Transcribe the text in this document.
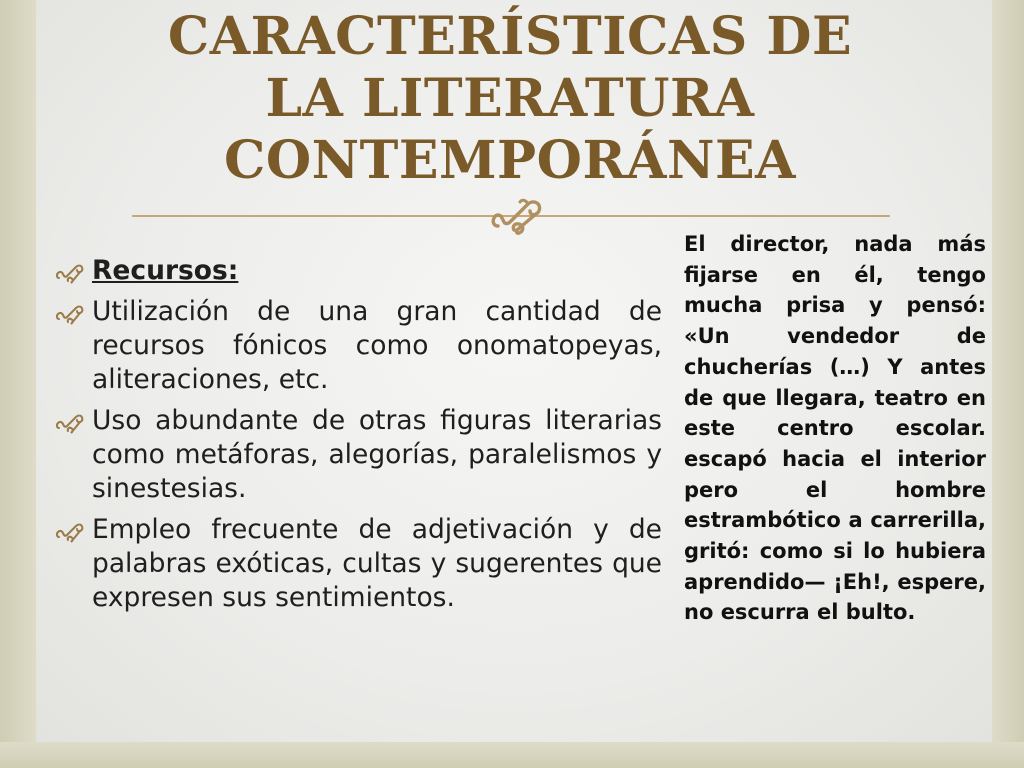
CARACTERÍSTICAS DE LA LITERATURA CONTEMPORÁNEA
Recursos:
Utilización de una gran cantidad de recursos fónicos como onomatopeyas, aliteraciones, etc.
Uso abundante de otras figuras literarias como metáforas, alegorías, paralelismos y sinestesias.
Empleo frecuente de adjetivación y de palabras exóticas, cultas y sugerentes que expresen sus sentimientos.

El director, nada más fijarse en él, tengo mucha prisa y pensó: «Un vendedor de chucherías (…) Y antes de que llegara, teatro en este centro escolar. escapó hacia el interior pero el hombre estrambótico a carrerilla, gritó: como si lo hubiera aprendido— ¡Eh!, espere, no escurra el bulto.
